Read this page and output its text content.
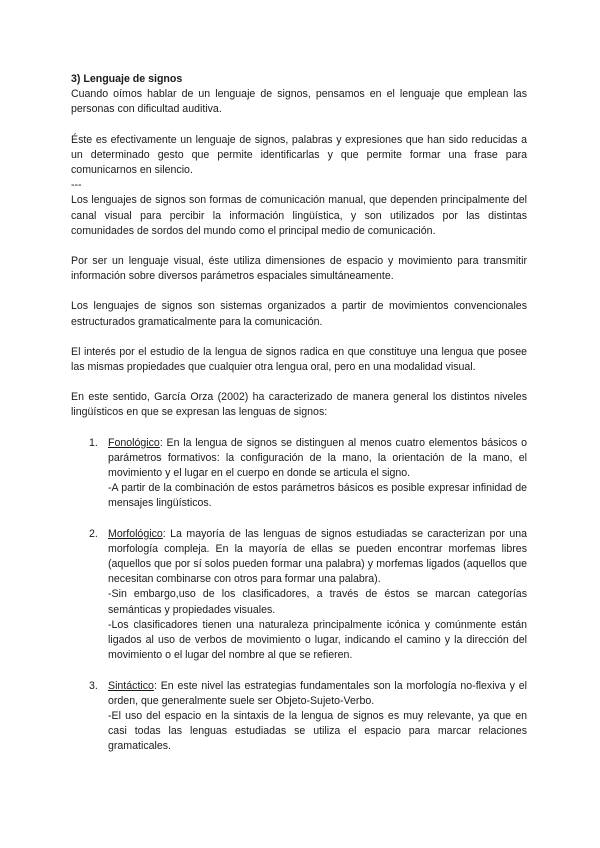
3) Lenguaje de signos

Cuando oímos hablar de un lenguaje de signos, pensamos en el lenguaje que emplean las personas con dificultad auditiva.

Éste es efectivamente un lenguaje de signos, palabras y expresiones que han sido reducidas a un determinado gesto que permite identificarlas y que permite formar una frase para comunicarnos en silencio.

---

Los lenguajes de signos son formas de comunicación manual, que dependen principalmente del canal visual para percibir la información lingüística, y son utilizados por las distintas comunidades de sordos del mundo como el principal medio de comunicación.

Por ser un lenguaje visual, éste utiliza dimensiones de espacio y movimiento para transmitir información sobre diversos parámetros espaciales simultáneamente.

Los lenguajes de signos son sistemas organizados a partir de movimientos convencionales estructurados gramaticalmente para la comunicación.

El interés por el estudio de la lengua de signos radica en que constituye una lengua que posee las mismas propiedades que cualquier otra lengua oral, pero en una modalidad visual.

En este sentido, García Orza (2002) ha caracterizado de manera general los distintos niveles lingüísticos en que se expresan las lenguas de signos:

1. Fonológico: En la lengua de signos se distinguen al menos cuatro elementos básicos o parámetros formativos: la configuración de la mano, la orientación de la mano, el movimiento y el lugar en el cuerpo en donde se articula el signo.

-A partir de la combinación de estos parámetros básicos es posible expresar infinidad de mensajes lingüísticos.

2. Morfológico: La mayoría de las lenguas de signos estudiadas se caracterizan por una morfología compleja. En la mayoría de ellas se pueden encontrar morfemas libres (aquellos que por sí solos pueden formar una palabra) y morfemas ligados (aquellos que necesitan combinarse con otros para formar una palabra).

-Sin embargo,uso de los clasificadores, a través de éstos se marcan categorías semánticas y propiedades visuales.

-Los clasificadores tienen una naturaleza principalmente icónica y comúnmente están ligados al uso de verbos de movimiento o lugar, indicando el camino y la dirección del movimiento o el lugar del nombre al que se refieren.

3. Sintáctico: En este nivel las estrategias fundamentales son la morfología no-flexiva y el orden, que generalmente suele ser Objeto-Sujeto-Verbo.

-El uso del espacio en la sintaxis de la lengua de signos es muy relevante, ya que en casi todas las lenguas estudiadas se utiliza el espacio para marcar relaciones gramaticales.
